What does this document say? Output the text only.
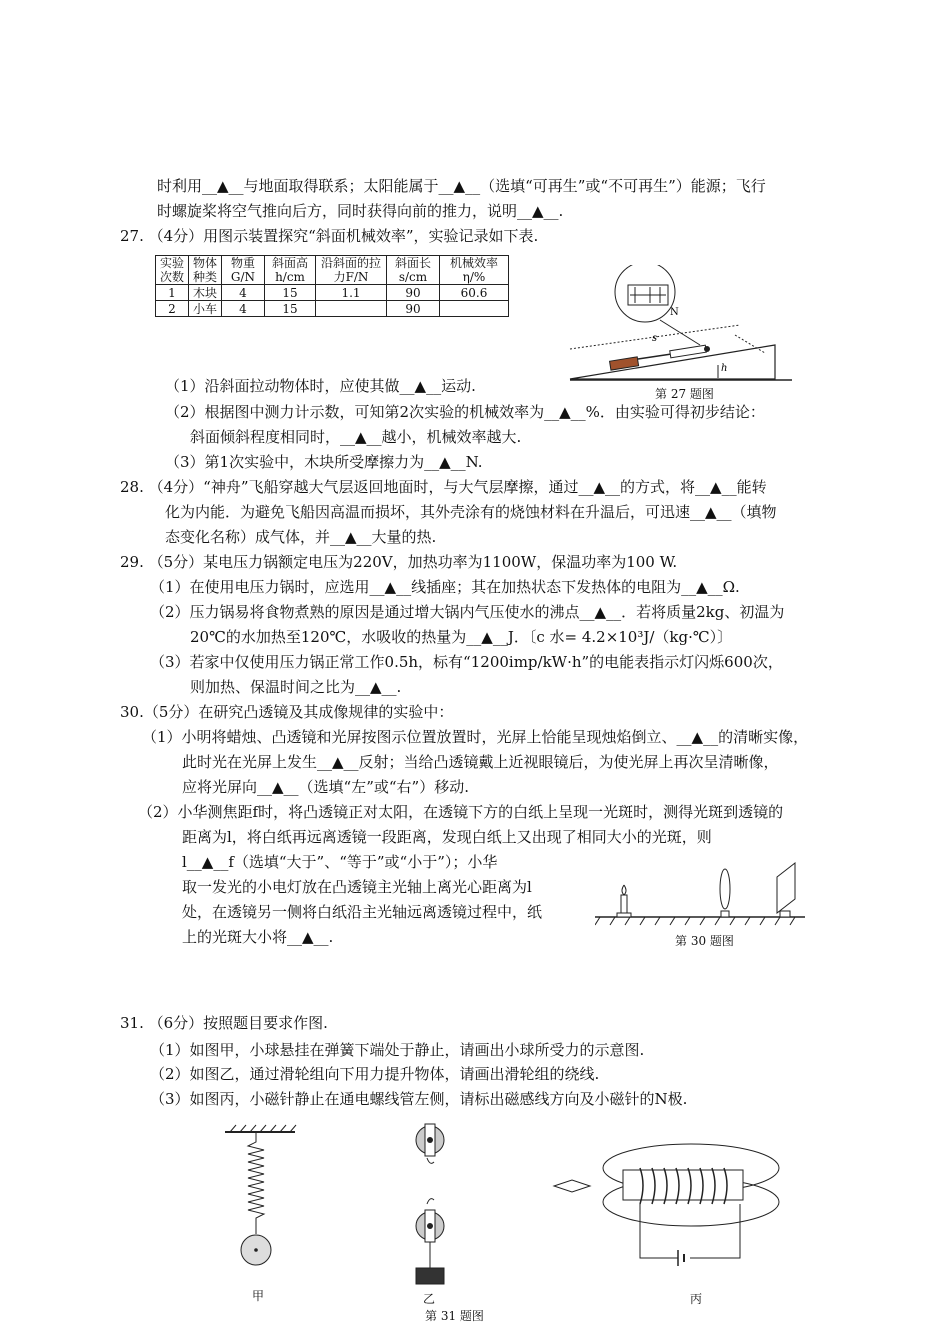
时利用__▲__与地面取得联系；太阳能属于__▲__（选填“可再生”或“不可再生”）能源；飞行
时螺旋桨将空气推向后方，同时获得向前的推力，说明__▲__.
27. （4分）用图示装置探究“斜面机械效率”，实验记录如下表.
实验次数	物体种类	物重G/N	斜面高h/cm	沿斜面的拉力F/N	斜面长s/cm	机械效率η/%
1	木块	4	15	1.1	90	60.6
2	小车	4	15		90	
s
h
N
第 27 题图
（1）沿斜面拉动物体时，应使其做__▲__运动.
（2）根据图中测力计示数，可知第2次实验的机械效率为__▲__%．由实验可得初步结论：
斜面倾斜程度相同时，__▲__越小，机械效率越大.
（3）第1次实验中，木块所受摩擦力为__▲__N.
28. （4分）“神舟”飞船穿越大气层返回地面时，与大气层摩擦，通过__▲__的方式，将__▲__能转
化为内能．为避免飞船因高温而损坏，其外壳涂有的烧蚀材料在升温后，可迅速__▲__（填物
态变化名称）成气体，并__▲__大量的热.
29. （5分）某电压力锅额定电压为220V，加热功率为1100W，保温功率为100 W.
（1）在使用电压力锅时，应选用__▲__线插座；其在加热状态下发热体的电阻为__▲__Ω.
（2）压力锅易将食物煮熟的原因是通过增大锅内气压使水的沸点__▲__．若将质量2kg、初温为
20℃的水加热至120℃，水吸收的热量为__▲__J．〔c 水= 4.2×10³J/（kg·℃）〕
（3）若家中仅使用压力锅正常工作0.5h，标有“1200imp/kW·h”的电能表指示灯闪烁600次，
则加热、保温时间之比为__▲__.
30.（5分）在研究凸透镜及其成像规律的实验中：
（1）小明将蜡烛、凸透镜和光屏按图示位置放置时，光屏上恰能呈现烛焰倒立、__▲__的清晰实像，
此时光在光屏上发生__▲__反射；当给凸透镜戴上近视眼镜后，为使光屏上再次呈清晰像，
应将光屏向__▲__（选填“左”或“右”）移动.
（2）小华测焦距f时，将凸透镜正对太阳，在透镜下方的白纸上呈现一光斑时，测得光斑到透镜的
距离为l，将白纸再远离透镜一段距离，发现白纸上又出现了相同大小的光斑，则
l__▲__f（选填“大于”、“等于”或“小于”）；小华
取一发光的小电灯放在凸透镜主光轴上离光心距离为l
处，在透镜另一侧将白纸沿主光轴远离透镜过程中，纸
上的光斑大小将__▲__.	第 30 题图
31. （6分）按照题目要求作图.
（1）如图甲，小球悬挂在弹簧下端处于静止，请画出小球所受力的示意图.
（2）如图乙，通过滑轮组向下用力提升物体，请画出滑轮组的绕线.
（3）如图丙，小磁针静止在通电螺线管左侧，请标出磁感线方向及小磁针的N极.
甲	乙
第 31 题图
丙
